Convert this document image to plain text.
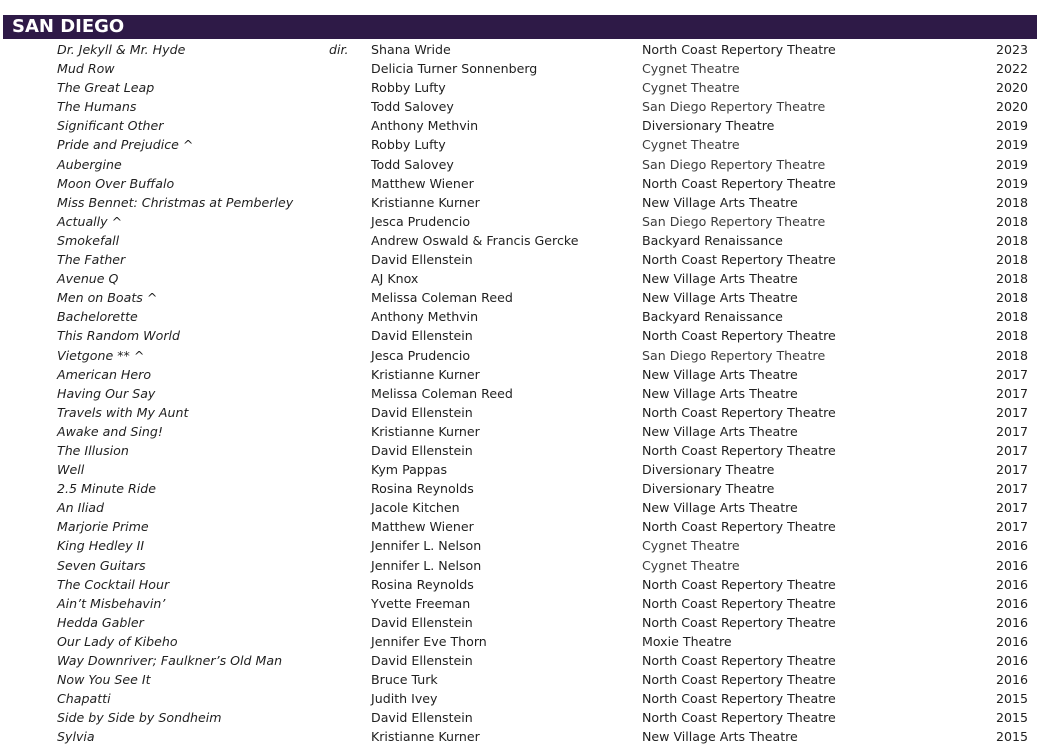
SAN DIEGO
Dr. Jekyll & Mr. Hyde	dir. Shana Wride	North Coast Repertory Theatre	2023
Mud Row	Delicia Turner Sonnenberg	Cygnet Theatre	2022
The Great Leap	Robby Lufty	Cygnet Theatre	2020
The Humans	Todd Salovey	San Diego Repertory Theatre	2020
Significant Other	Anthony Methvin	Diversionary Theatre	2019
Pride and Prejudice ^	Robby Lufty	Cygnet Theatre	2019
Aubergine	Todd Salovey	San Diego Repertory Theatre	2019
Moon Over Buffalo	Matthew Wiener	North Coast Repertory Theatre	2019
Miss Bennet: Christmas at Pemberley	Kristianne Kurner	New Village Arts Theatre	2018
Actually ^	Jesca Prudencio	San Diego Repertory Theatre	2018
Smokefall	Andrew Oswald & Francis Gercke	Backyard Renaissance	2018
The Father	David Ellenstein	North Coast Repertory Theatre	2018
Avenue Q	AJ Knox	New Village Arts Theatre	2018
Men on Boats ^	Melissa Coleman Reed	New Village Arts Theatre	2018
Bachelorette	Anthony Methvin	Backyard Renaissance	2018
This Random World	David Ellenstein	North Coast Repertory Theatre	2018
Vietgone ** ^	Jesca Prudencio	San Diego Repertory Theatre	2018
American Hero	Kristianne Kurner	New Village Arts Theatre	2017
Having Our Say	Melissa Coleman Reed	New Village Arts Theatre	2017
Travels with My Aunt	David Ellenstein	North Coast Repertory Theatre	2017
Awake and Sing!	Kristianne Kurner	New Village Arts Theatre	2017
The Illusion	David Ellenstein	North Coast Repertory Theatre	2017
Well	Kym Pappas	Diversionary Theatre	2017
2.5 Minute Ride	Rosina Reynolds	Diversionary Theatre	2017
An Iliad	Jacole Kitchen	New Village Arts Theatre	2017
Marjorie Prime	Matthew Wiener	North Coast Repertory Theatre	2017
King Hedley II	Jennifer L. Nelson	Cygnet Theatre	2016
Seven Guitars	Jennifer L. Nelson	Cygnet Theatre	2016
The Cocktail Hour	Rosina Reynolds	North Coast Repertory Theatre	2016
Ain’t Misbehavin’	Yvette Freeman	North Coast Repertory Theatre	2016
Hedda Gabler	David Ellenstein	North Coast Repertory Theatre	2016
Our Lady of Kibeho	Jennifer Eve Thorn	Moxie Theatre	2016
Way Downriver; Faulkner’s Old Man	David Ellenstein	North Coast Repertory Theatre	2016
Now You See It	Bruce Turk	North Coast Repertory Theatre	2016
Chapatti	Judith Ivey	North Coast Repertory Theatre	2015
Side by Side by Sondheim	David Ellenstein	North Coast Repertory Theatre	2015
Sylvia	Kristianne Kurner	New Village Arts Theatre	2015
